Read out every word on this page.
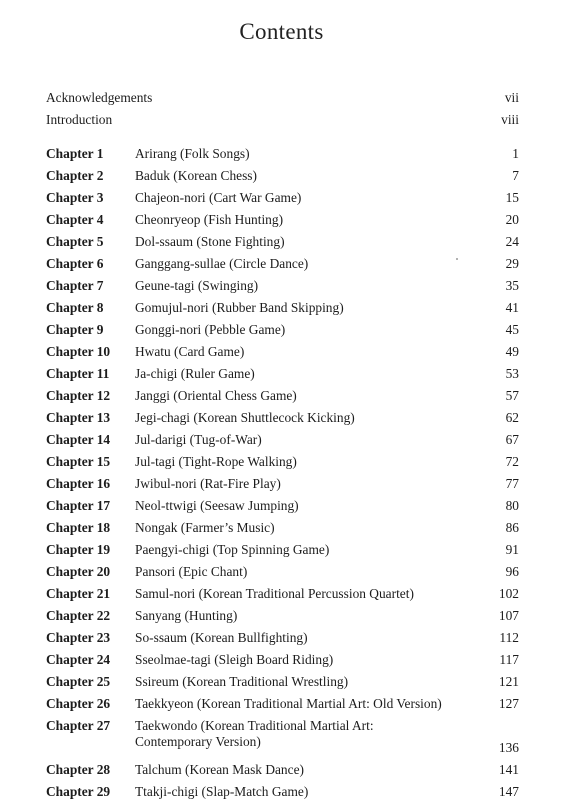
Contents
Acknowledgements	vii
Introduction	viii
Chapter 1 Arirang (Folk Songs)	1
Chapter 2 Baduk (Korean Chess)	7
Chapter 3 Chajeon-nori (Cart War Game)	15
Chapter 4 Cheonryeop (Fish Hunting)	20
Chapter 5 Dol-ssaum (Stone Fighting)	24
Chapter 6 Ganggang-sullae (Circle Dance)	29
Chapter 7 Geune-tagi (Swinging)	35
Chapter 8 Gomujul-nori (Rubber Band Skipping)	41
Chapter 9 Gonggi-nori (Pebble Game)	45
Chapter 10 Hwatu (Card Game)	49
Chapter 11 Ja-chigi (Ruler Game)	53
Chapter 12 Janggi (Oriental Chess Game)	57
Chapter 13 Jegi-chagi (Korean Shuttlecock Kicking)	62
Chapter 14 Jul-darigi (Tug-of-War)	67
Chapter 15 Jul-tagi (Tight-Rope Walking)	72
Chapter 16 Jwibul-nori (Rat-Fire Play)	77
Chapter 17 Neol-ttwigi (Seesaw Jumping)	80
Chapter 18 Nongak (Farmer’s Music)	86
Chapter 19 Paengyi-chigi (Top Spinning Game)	91
Chapter 20 Pansori (Epic Chant)	96
Chapter 21 Samul-nori (Korean Traditional Percussion Quartet)	102
Chapter 22 Sanyang (Hunting)	107
Chapter 23 So-ssaum (Korean Bullfighting)	112
Chapter 24 Sseolmae-tagi (Sleigh Board Riding)	117
Chapter 25 Ssireum (Korean Traditional Wrestling)	121
Chapter 26 Taekkyeon (Korean Traditional Martial Art: Old Version)	127
Chapter 27 Taekwondo (Korean Traditional Martial Art:
Contemporary Version)	136
Chapter 28 Talchum (Korean Mask Dance)	141
Chapter 29 Ttakji-chigi (Slap-Match Game)	147
